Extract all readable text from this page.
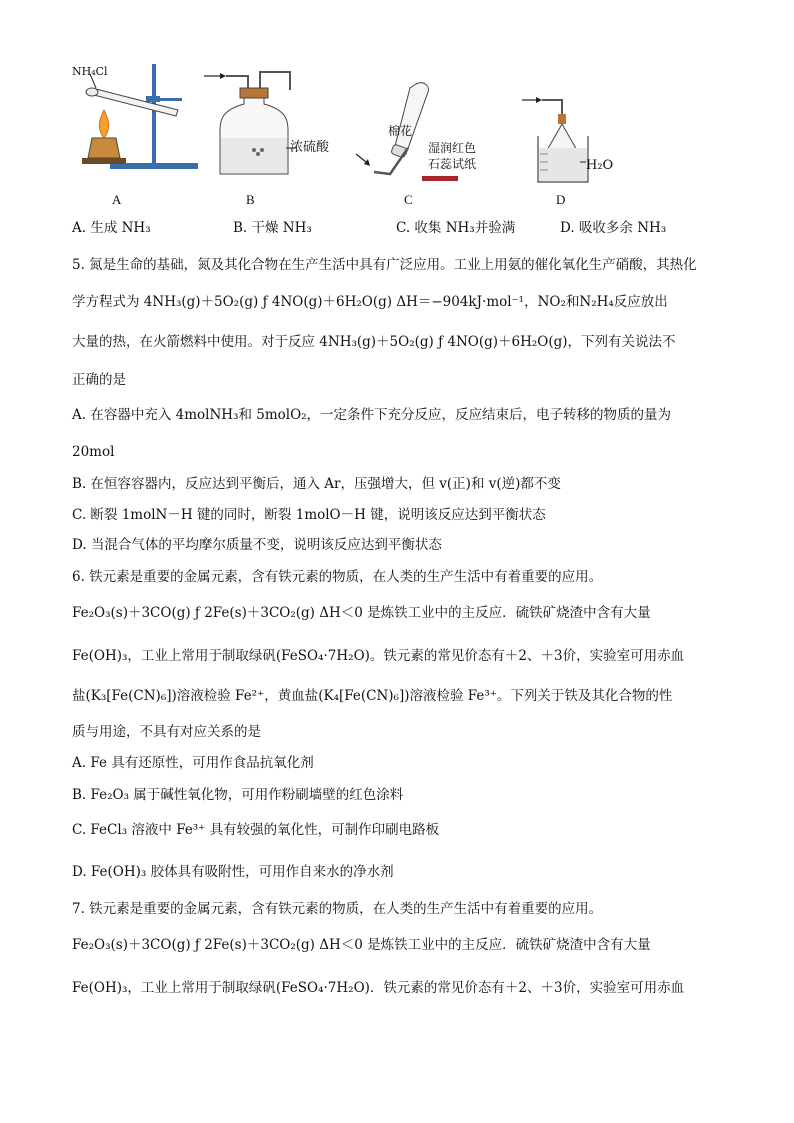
NH₄Cl
浓硫酸
棉花
湿润红色
石蕊试纸	H₂O
A	B	C	D
A. 生成 NH₃	B. 干燥 NH₃	C. 收集 NH₃并验满	D. 吸收多余 NH₃
5. 氮是生命的基础，氮及其化合物在生产生活中具有广泛应用。工业上用氨的催化氧化生产硝酸，其热化
学方程式为 4NH₃(g)＋5O₂(g) ƒ 4NO(g)＋6H₂O(g) ΔH＝−904kJ·mol⁻¹，NO₂和N₂H₄反应放出
大量的热，在火箭燃料中使用。对于反应 4NH₃(g)＋5O₂(g) ƒ 4NO(g)＋6H₂O(g)，下列有关说法不
正确的是
A. 在容器中充入 4molNH₃和 5molO₂，一定条件下充分反应，反应结束后，电子转移的物质的量为
20mol
B. 在恒容容器内，反应达到平衡后，通入 Ar，压强增大，但 v(正)和 v(逆)都不变
C. 断裂 1molN－H 键的同时，断裂 1molO－H 键，说明该反应达到平衡状态
D. 当混合气体的平均摩尔质量不变，说明该反应达到平衡状态
6. 铁元素是重要的金属元素，含有铁元素的物质，在人类的生产生活中有着重要的应用。
Fe₂O₃(s)＋3CO(g) ƒ 2Fe(s)＋3CO₂(g) ΔH＜0 是炼铁工业中的主反应．硫铁矿烧渣中含有大量
Fe(OH)₃，工业上常用于制取绿矾(FeSO₄·7H₂O)。铁元素的常见价态有＋2、＋3价，实验室可用赤血
盐(K₃[Fe(CN)₆])溶液检验 Fe²⁺，黄血盐(K₄[Fe(CN)₆])溶液检验 Fe³⁺。下列关于铁及其化合物的性
质与用途，不具有对应关系的是
A. Fe 具有还原性，可用作食品抗氧化剂
B. Fe₂O₃ 属于碱性氧化物，可用作粉刷墙壁的红色涂料
C. FeCl₃ 溶液中 Fe³⁺ 具有较强的氧化性，可制作印刷电路板
D. Fe(OH)₃ 胶体具有吸附性，可用作自来水的净水剂
7. 铁元素是重要的金属元素，含有铁元素的物质，在人类的生产生活中有着重要的应用。
Fe₂O₃(s)＋3CO(g) ƒ 2Fe(s)＋3CO₂(g) ΔH＜0 是炼铁工业中的主反应．硫铁矿烧渣中含有大量
Fe(OH)₃，工业上常用于制取绿矾(FeSO₄·7H₂O)．铁元素的常见价态有＋2、＋3价，实验室可用赤血
